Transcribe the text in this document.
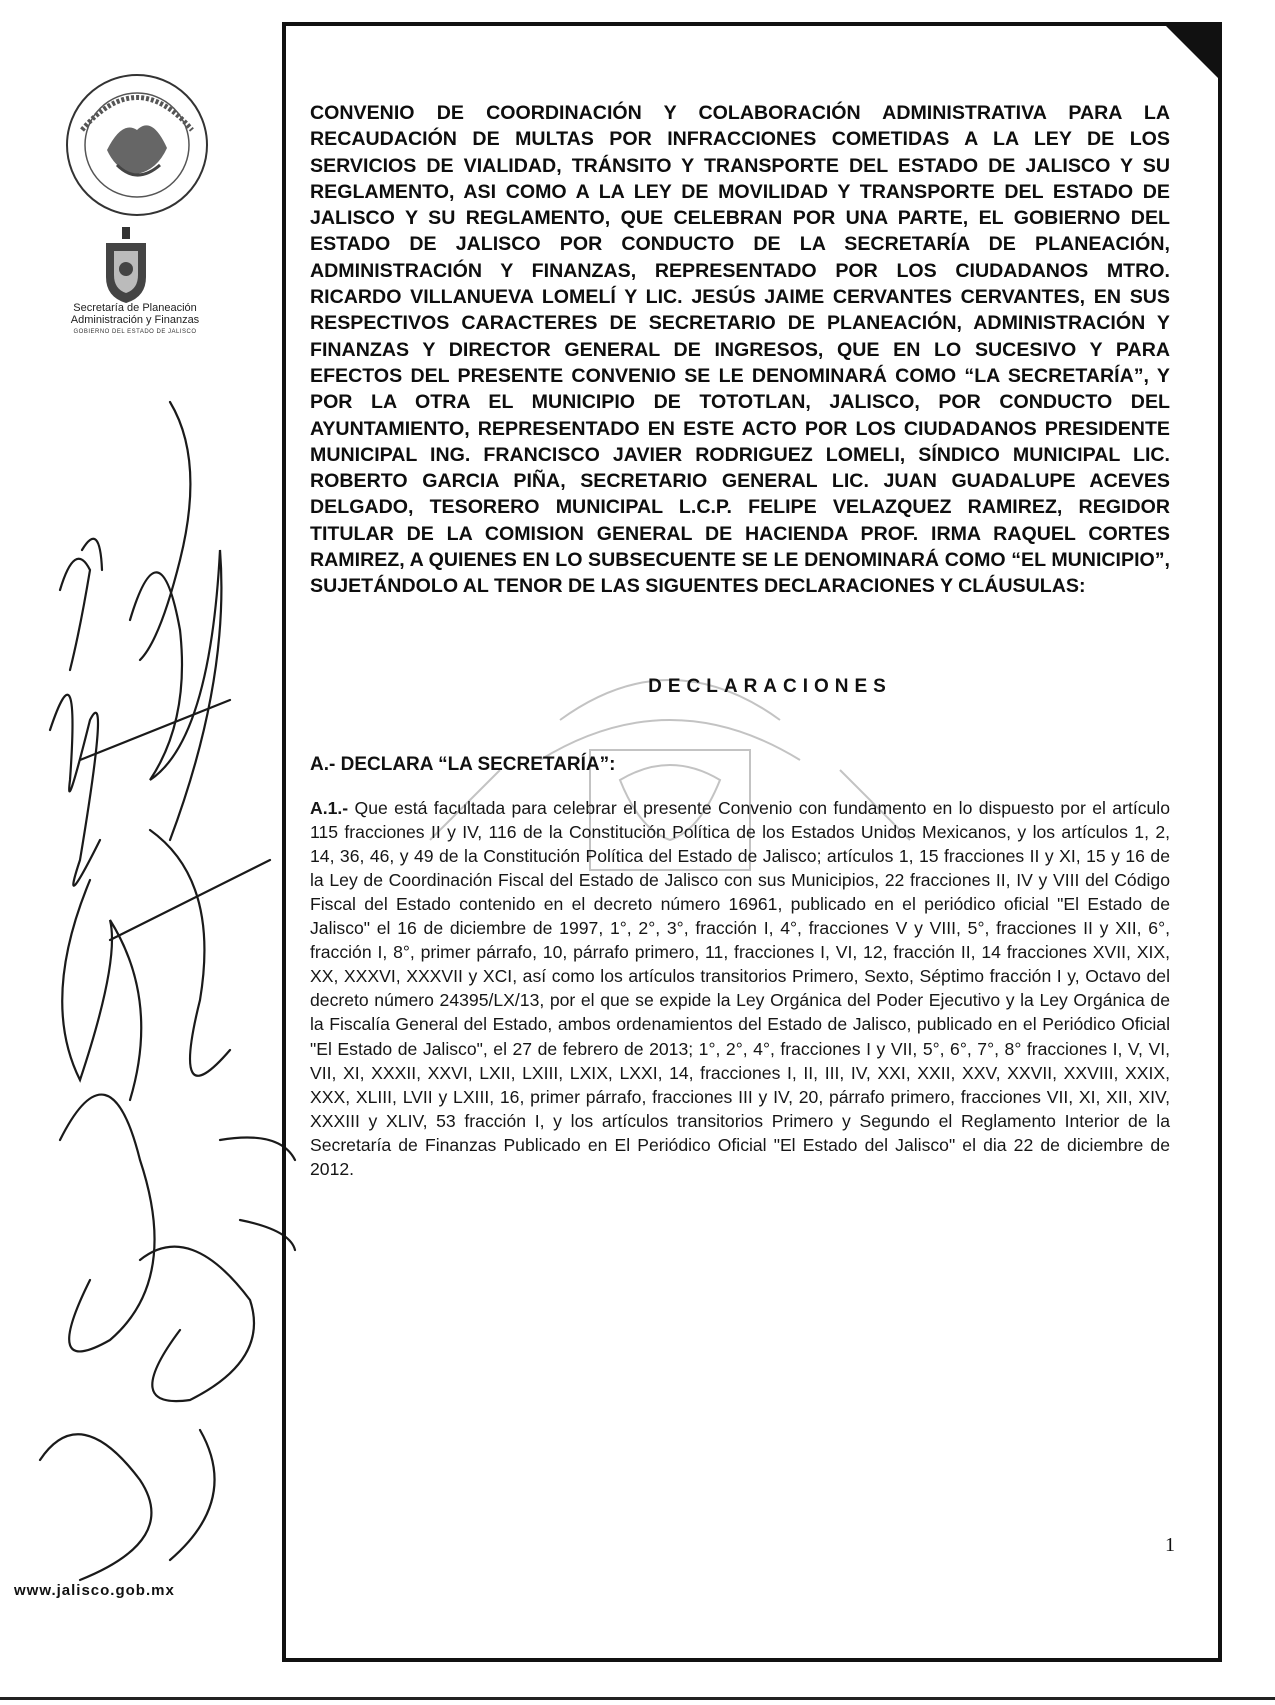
Secretaría de Planeación
Administración y Finanzas
GOBIERNO DEL ESTADO DE JALISCO
www.jalisco.gob.mx

CONVENIO DE COORDINACIÓN Y COLABORACIÓN ADMINISTRATIVA PARA LA RECAUDACIÓN DE MULTAS POR INFRACCIONES COMETIDAS A LA LEY DE LOS SERVICIOS DE VIALIDAD, TRÁNSITO Y TRANSPORTE DEL ESTADO DE JALISCO Y SU REGLAMENTO, ASI COMO A LA LEY DE MOVILIDAD Y TRANSPORTE DEL ESTADO DE JALISCO Y SU REGLAMENTO, QUE CELEBRAN POR UNA PARTE, EL GOBIERNO DEL ESTADO DE JALISCO POR CONDUCTO DE LA SECRETARÍA DE PLANEACIÓN, ADMINISTRACIÓN Y FINANZAS, REPRESENTADO POR LOS CIUDADANOS MTRO. RICARDO VILLANUEVA LOMELÍ Y LIC. JESÚS JAIME CERVANTES CERVANTES, EN SUS RESPECTIVOS CARACTERES DE SECRETARIO DE PLANEACIÓN, ADMINISTRACIÓN Y FINANZAS Y DIRECTOR GENERAL DE INGRESOS, QUE EN LO SUCESIVO Y PARA EFECTOS DEL PRESENTE CONVENIO SE LE DENOMINARÁ COMO “LA SECRETARÍA”, Y POR LA OTRA EL MUNICIPIO DE TOTOTLAN, JALISCO, POR CONDUCTO DEL AYUNTAMIENTO, REPRESENTADO EN ESTE ACTO POR LOS CIUDADANOS PRESIDENTE MUNICIPAL ING. FRANCISCO JAVIER RODRIGUEZ LOMELI, SÍNDICO MUNICIPAL LIC. ROBERTO GARCIA PIÑA, SECRETARIO GENERAL LIC. JUAN GUADALUPE ACEVES DELGADO, TESORERO MUNICIPAL L.C.P. FELIPE VELAZQUEZ RAMIREZ, REGIDOR TITULAR DE LA COMISION GENERAL DE HACIENDA PROF. IRMA RAQUEL CORTES RAMIREZ, A QUIENES EN LO SUBSECUENTE SE LE DENOMINARÁ COMO “EL MUNICIPIO”, SUJETÁNDOLO AL TENOR DE LAS SIGUENTES DECLARACIONES Y CLÁUSULAS:

DECLARACIONES
A.- DECLARA “LA SECRETARÍA”:

A.1.- Que está facultada para celebrar el presente Convenio con fundamento en lo dispuesto por el artículo 115 fracciones II y IV, 116 de la Constitución Política de los Estados Unidos Mexicanos, y los artículos 1, 2, 14, 36, 46, y 49 de la Constitución Política del Estado de Jalisco; artículos 1, 15 fracciones II y XI, 15 y 16 de la Ley de Coordinación Fiscal del Estado de Jalisco con sus Municipios, 22 fracciones II, IV y VIII del Código Fiscal del Estado contenido en el decreto número 16961, publicado en el periódico oficial "El Estado de Jalisco" el 16 de diciembre de 1997, 1°, 2°, 3°, fracción I, 4°, fracciones V y VIII, 5°, fracciones II y XII, 6°, fracción I, 8°, primer párrafo, 10, párrafo primero, 11, fracciones I, VI, 12, fracción II, 14 fracciones XVII, XIX, XX, XXXVI, XXXVII y XCI, así como los artículos transitorios Primero, Sexto, Séptimo fracción I y, Octavo del decreto número 24395/LX/13, por el que se expide la Ley Orgánica del Poder Ejecutivo y la Ley Orgánica de la Fiscalía General del Estado, ambos ordenamientos del Estado de Jalisco, publicado en el Periódico Oficial "El Estado de Jalisco", el 27 de febrero de 2013; 1°, 2°, 4°, fracciones I y VII, 5°, 6°, 7°, 8° fracciones I, V, VI, VII, XI, XXXII, XXVI, LXII, LXIII, LXIX, LXXI, 14, fracciones I, II, III, IV, XXI, XXII, XXV, XXVII, XXVIII, XXIX, XXX, XLIII, LVII y LXIII, 16, primer párrafo, fracciones III y IV, 20, párrafo primero, fracciones VII, XI, XII, XIV, XXXIII y XLIV, 53 fracción I, y los artículos transitorios Primero y Segundo el Reglamento Interior de la Secretaría de Finanzas Publicado en El Periódico Oficial "El Estado del Jalisco" el dia 22 de diciembre de 2012.

1
